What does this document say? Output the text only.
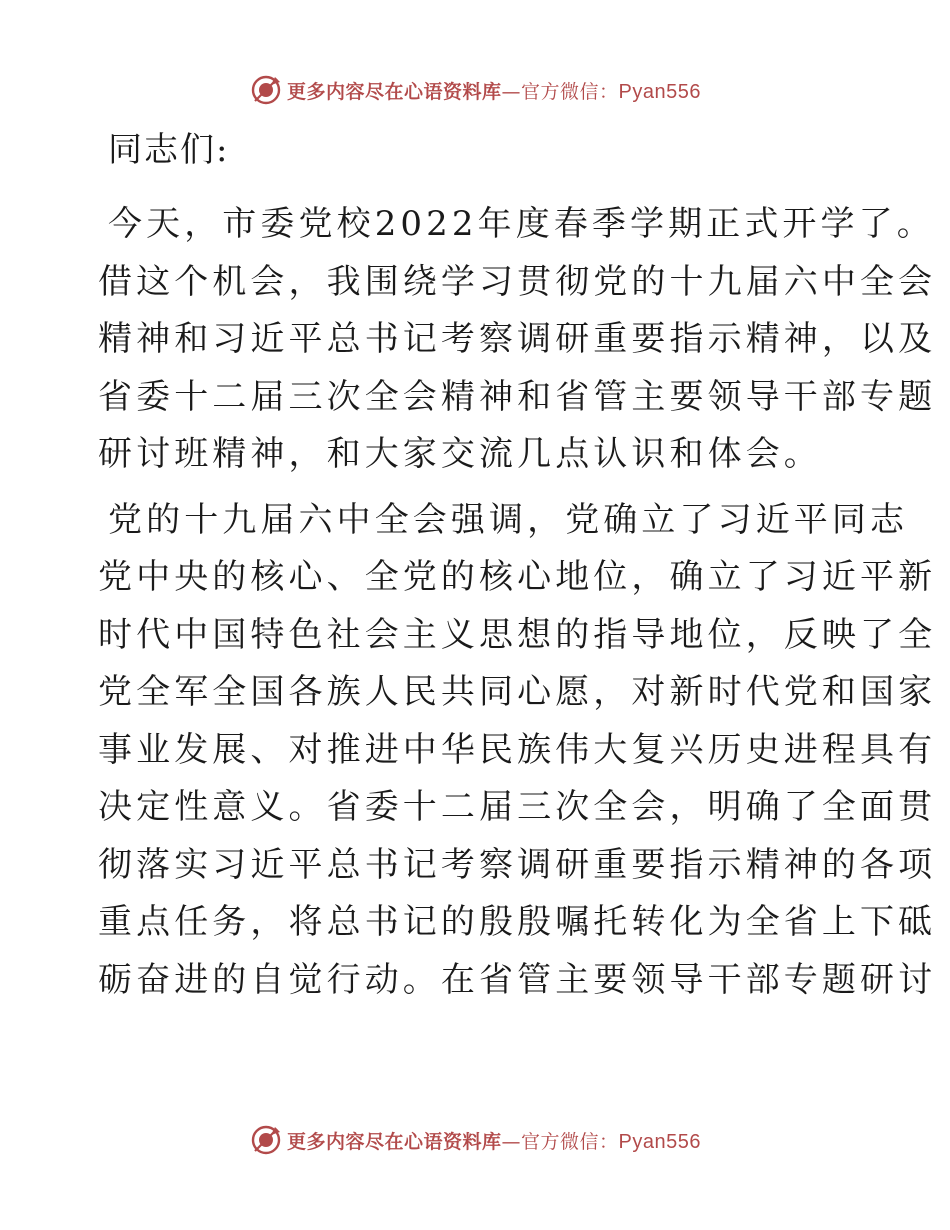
更多内容尽在心语资料库—官方微信：Pyan556
同志们:
今天，市委党校2022年度春季学期正式开学了。
借这个机会，我围绕学习贯彻党的十九届六中全会
精神和习近平总书记考察调研重要指示精神，以及
省委十二届三次全会精神和省管主要领导干部专题
研讨班精神，和大家交流几点认识和体会。
党的十九届六中全会强调，党确立了习近平同志
党中央的核心、全党的核心地位，确立了习近平新
时代中国特色社会主义思想的指导地位，反映了全
党全军全国各族人民共同心愿，对新时代党和国家
事业发展、对推进中华民族伟大复兴历史进程具有
决定性意义。省委十二届三次全会，明确了全面贯
彻落实习近平总书记考察调研重要指示精神的各项
重点任务，将总书记的殷殷嘱托转化为全省上下砥
砺奋进的自觉行动。在省管主要领导干部专题研讨
更多内容尽在心语资料库—官方微信：Pyan556
